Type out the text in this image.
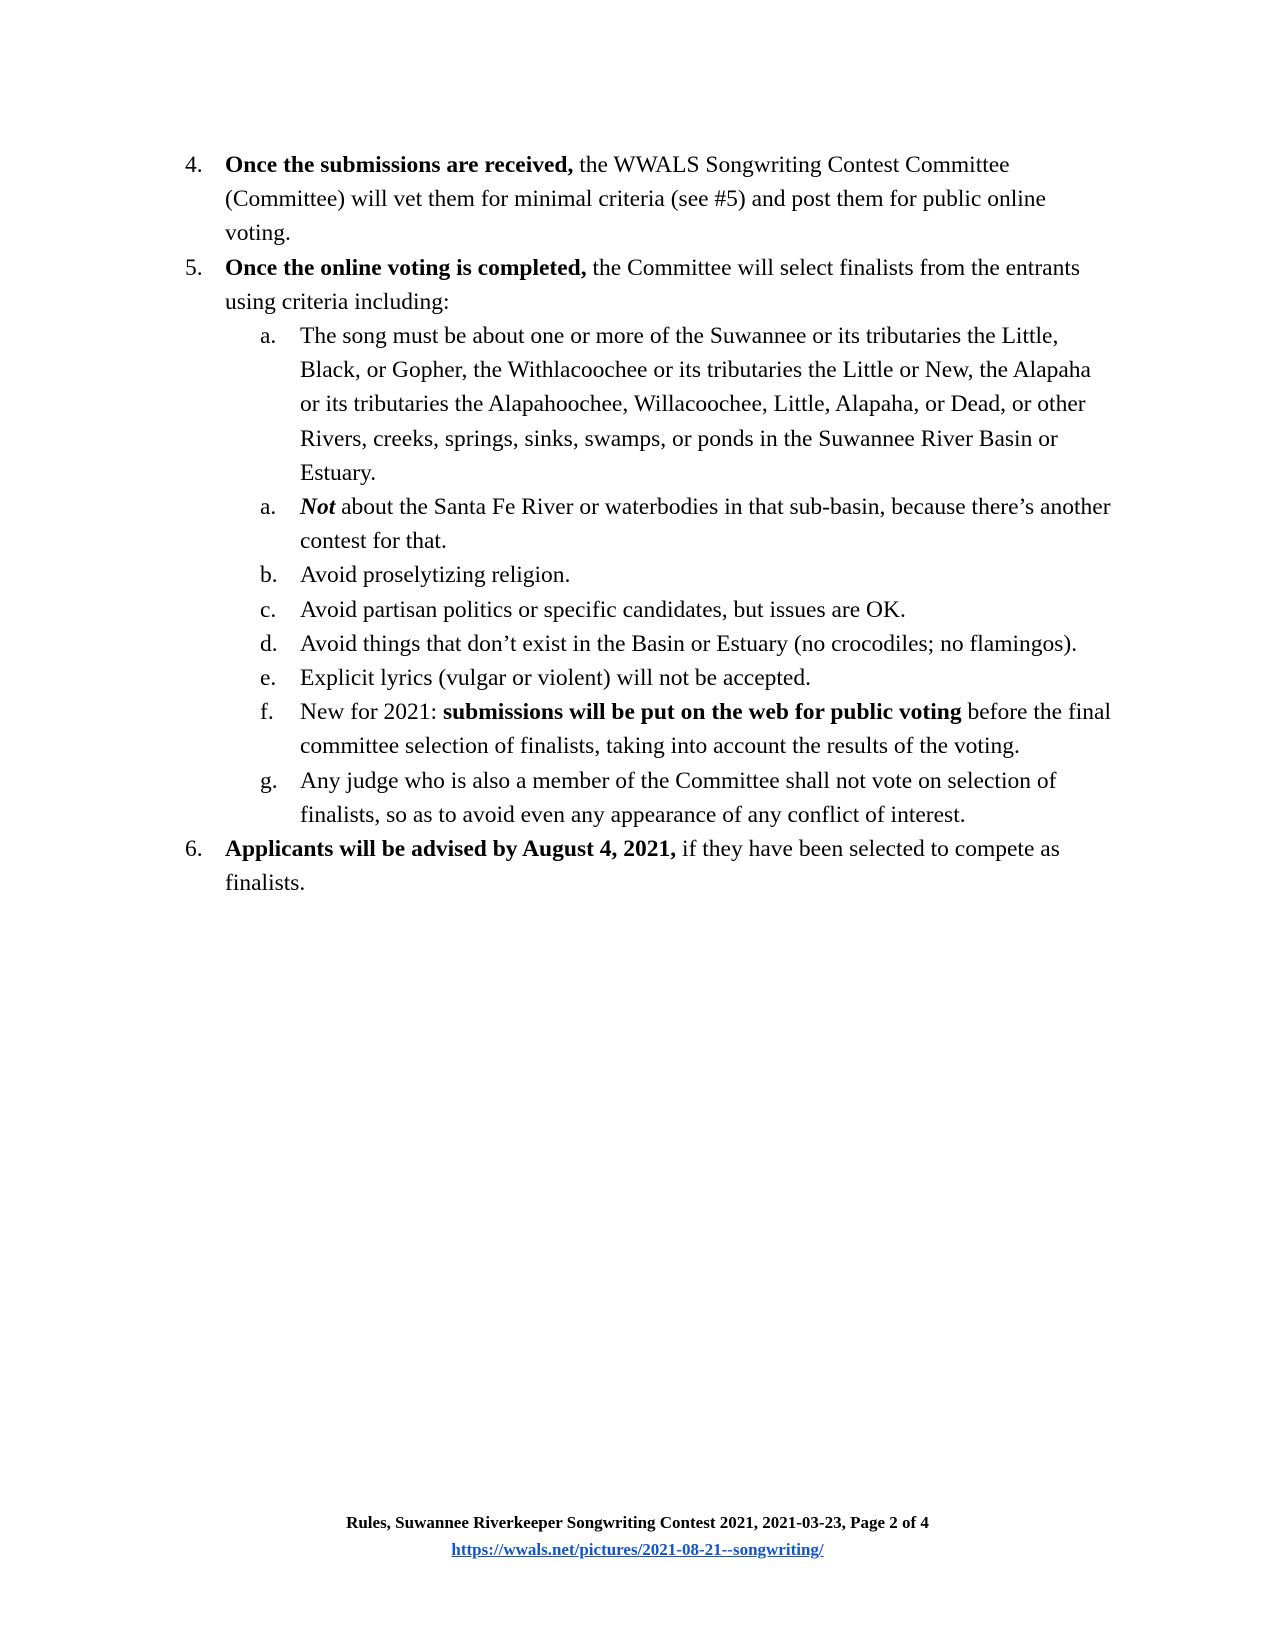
4. Once the submissions are received, the WWALS Songwriting Contest Committee (Committee) will vet them for minimal criteria (see #5) and post them for public online voting.
5. Once the online voting is completed, the Committee will select finalists from the entrants using criteria including:
a. The song must be about one or more of the Suwannee or its tributaries the Little, Black, or Gopher, the Withlacoochee or its tributaries the Little or New, the Alapaha or its tributaries the Alapahoochee, Willacoochee, Little, Alapaha, or Dead, or other Rivers, creeks, springs, sinks, swamps, or ponds in the Suwannee River Basin or Estuary.
a. Not about the Santa Fe River or waterbodies in that sub-basin, because there’s another contest for that.
b. Avoid proselytizing religion.
c. Avoid partisan politics or specific candidates, but issues are OK.
d. Avoid things that don’t exist in the Basin or Estuary (no crocodiles; no flamingos).
e. Explicit lyrics (vulgar or violent) will not be accepted.
f. New for 2021: submissions will be put on the web for public voting before the final committee selection of finalists, taking into account the results of the voting.
g. Any judge who is also a member of the Committee shall not vote on selection of finalists, so as to avoid even any appearance of any conflict of interest.
6. Applicants will be advised by August 4, 2021, if they have been selected to compete as finalists.
Rules, Suwannee Riverkeeper Songwriting Contest 2021, 2021-03-23, Page 2 of 4
https://wwals.net/pictures/2021-08-21--songwriting/
